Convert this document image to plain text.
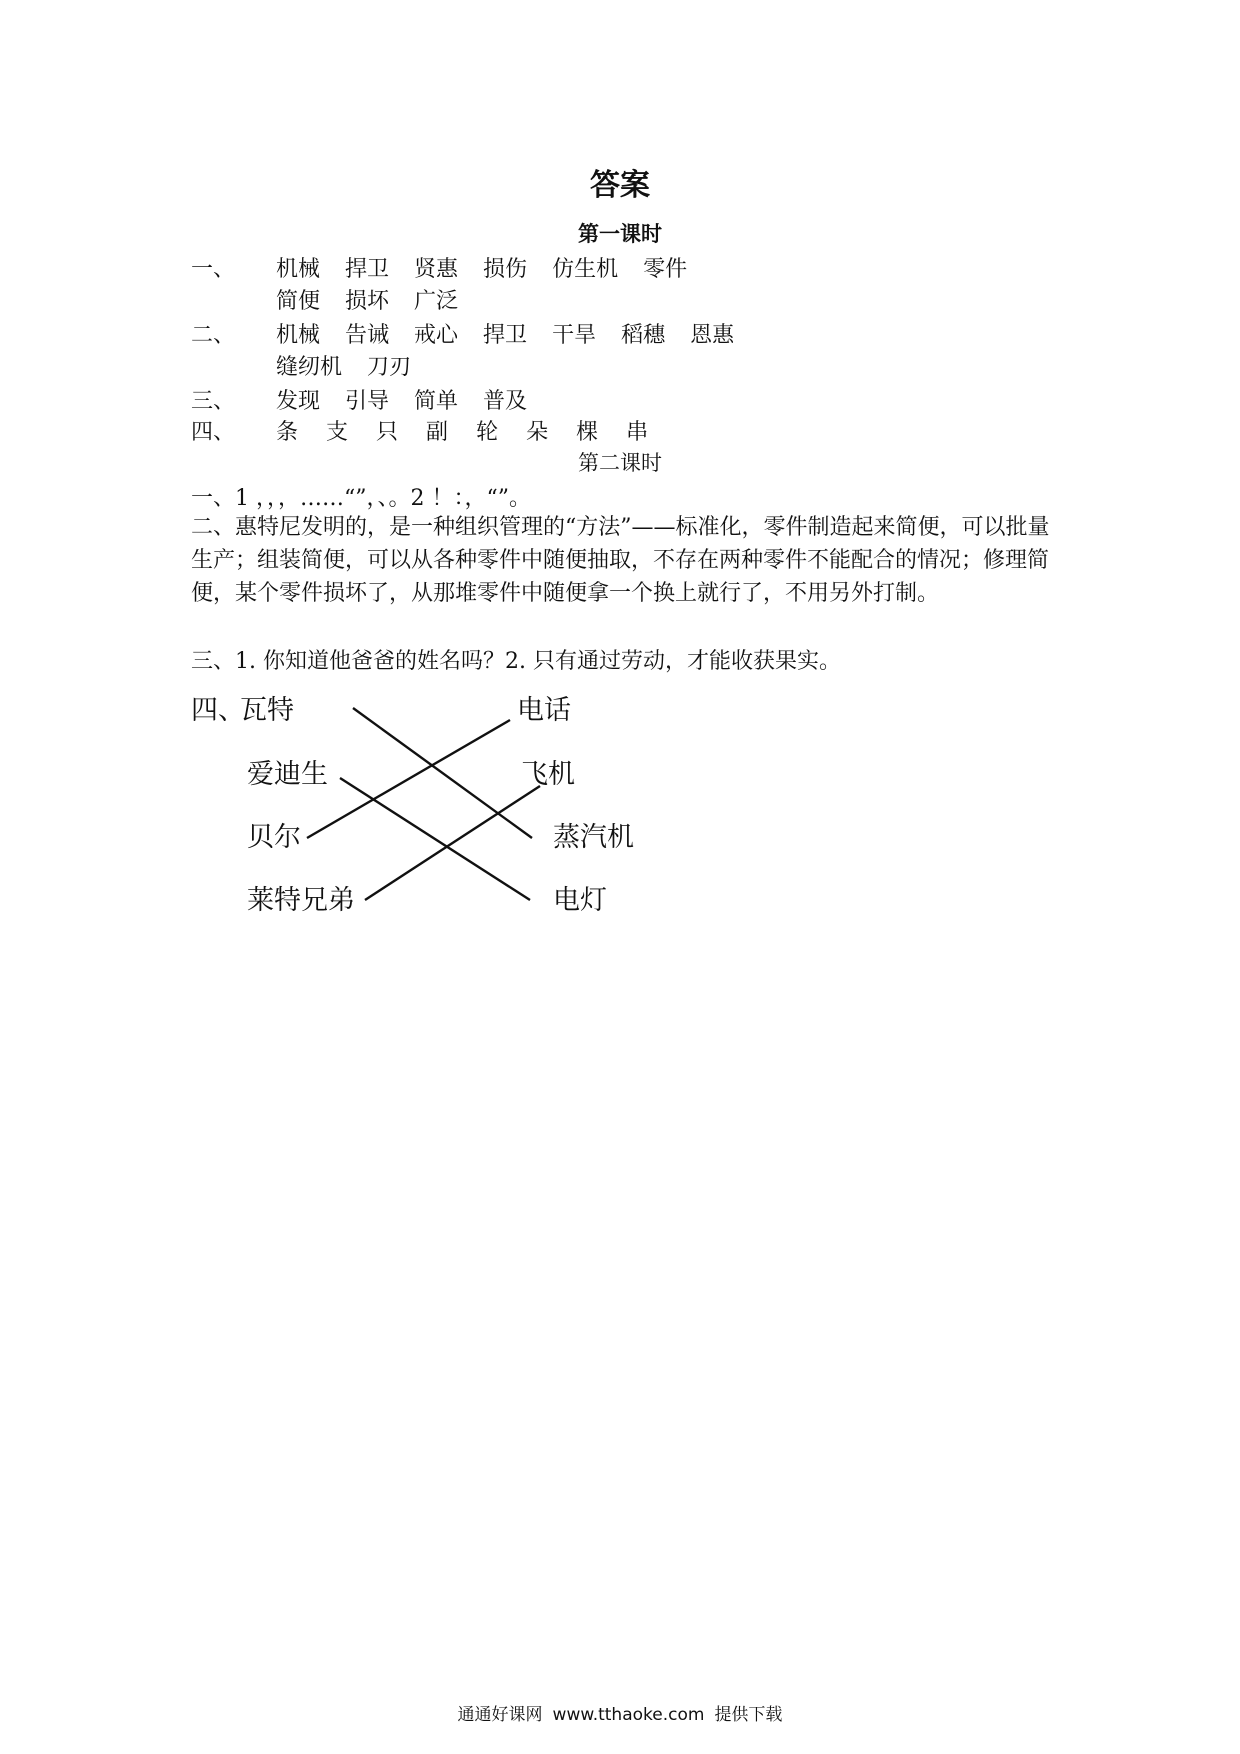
答案
第一课时
一、 机械 捍卫 贤惠 损伤 仿生机 零件
简便 损坏 广泛
二、 机械 告诫 戒心 捍卫 干旱 稻穗 恩惠
缝纫机 刀刃
三、 发现 引导 简单 普及
四、 条 支 只 副 轮 朵 棵 串
第二课时
一、1 ，，，……“”，、。2 ！：，“”。
二、惠特尼发明的，是一种组织管理的“方法”——标准化，零件制造起来简便，可以批量生产；组装简便，可以从各种零件中随便抽取，不存在两种零件不能配合的情况；修理简便，某个零件损坏了，从那堆零件中随便拿一个换上就行了，不用另外打制。
三、1. 你知道他爸爸的姓名吗？2. 只有通过劳动，才能收获果实。
四、
瓦特
爱迪生
贝尔
莱特兄弟
电话
飞机
蒸汽机
电灯
通通好课网 www.tthaoke.com 提供下载
